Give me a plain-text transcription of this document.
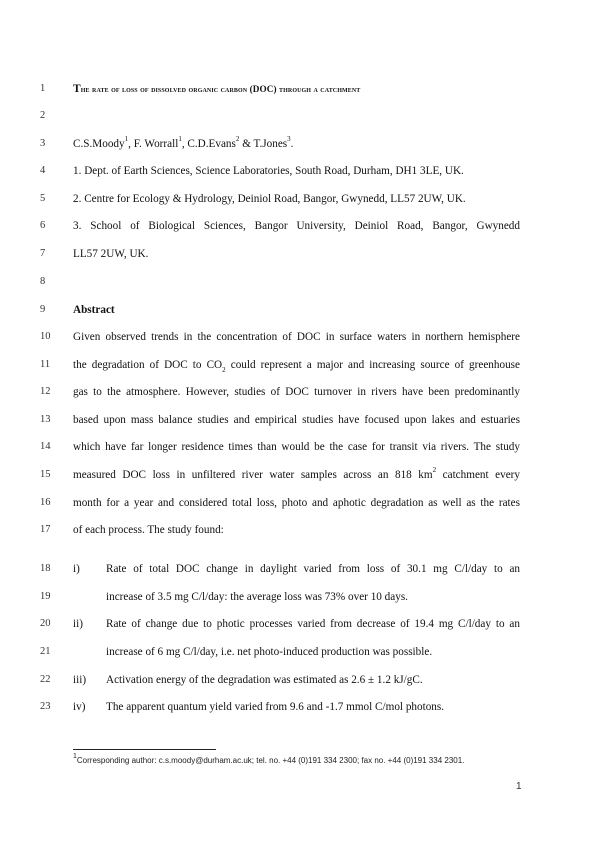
1	The rate of loss of dissolved organic carbon (DOC) through a catchment
2
3	C.S.Moody$^1$, F. Worrall$^1$, C.D.Evans$^2$ & T.Jones$^3$.
4	1. Dept. of Earth Sciences, Science Laboratories, South Road, Durham, DH1 3LE, UK.
5	2. Centre for Ecology & Hydrology, Deiniol Road, Bangor, Gwynedd, LL57 2UW, UK.
6	3. School of Biological Sciences, Bangor University, Deiniol Road, Bangor, Gwynedd
7	LL57 2UW, UK.
8
9	Abstract
10	Given observed trends in the concentration of DOC in surface waters in northern hemisphere
11	the degradation of DOC to $CO_2$ could represent a major and increasing source of greenhouse
12	gas to the atmosphere. However, studies of DOC turnover in rivers have been predominantly
13	based upon mass balance studies and empirical studies have focused upon lakes and estuaries
14	which have far longer residence times than would be the case for transit via rivers. The study
15	measured DOC loss in unfiltered river water samples across an 818 $km^2$ catchment every
16	month for a year and considered total loss, photo and aphotic degradation as well as the rates
17	of each process. The study found:
18	i) Rate of total DOC change in daylight varied from loss of 30.1 mg C/l/day to an
19	increase of 3.5 mg C/l/day: the average loss was 73% over 10 days.
20	ii) Rate of change due to photic processes varied from decrease of 19.4 mg C/l/day to an
21	increase of 6 mg C/l/day, i.e. net photo-induced production was possible.
22	iii) Activation energy of the degradation was estimated as 2.6 ± 1.2 kJ/gC.
23	iv) The apparent quantum yield varied from 9.6 and -1.7 mmol C/mol photons.
$^1$Corresponding author: c.s.moody@durham.ac.uk; tel. no. +44 (0)191 334 2300; fax no. +44 (0)191 334 2301.
1
